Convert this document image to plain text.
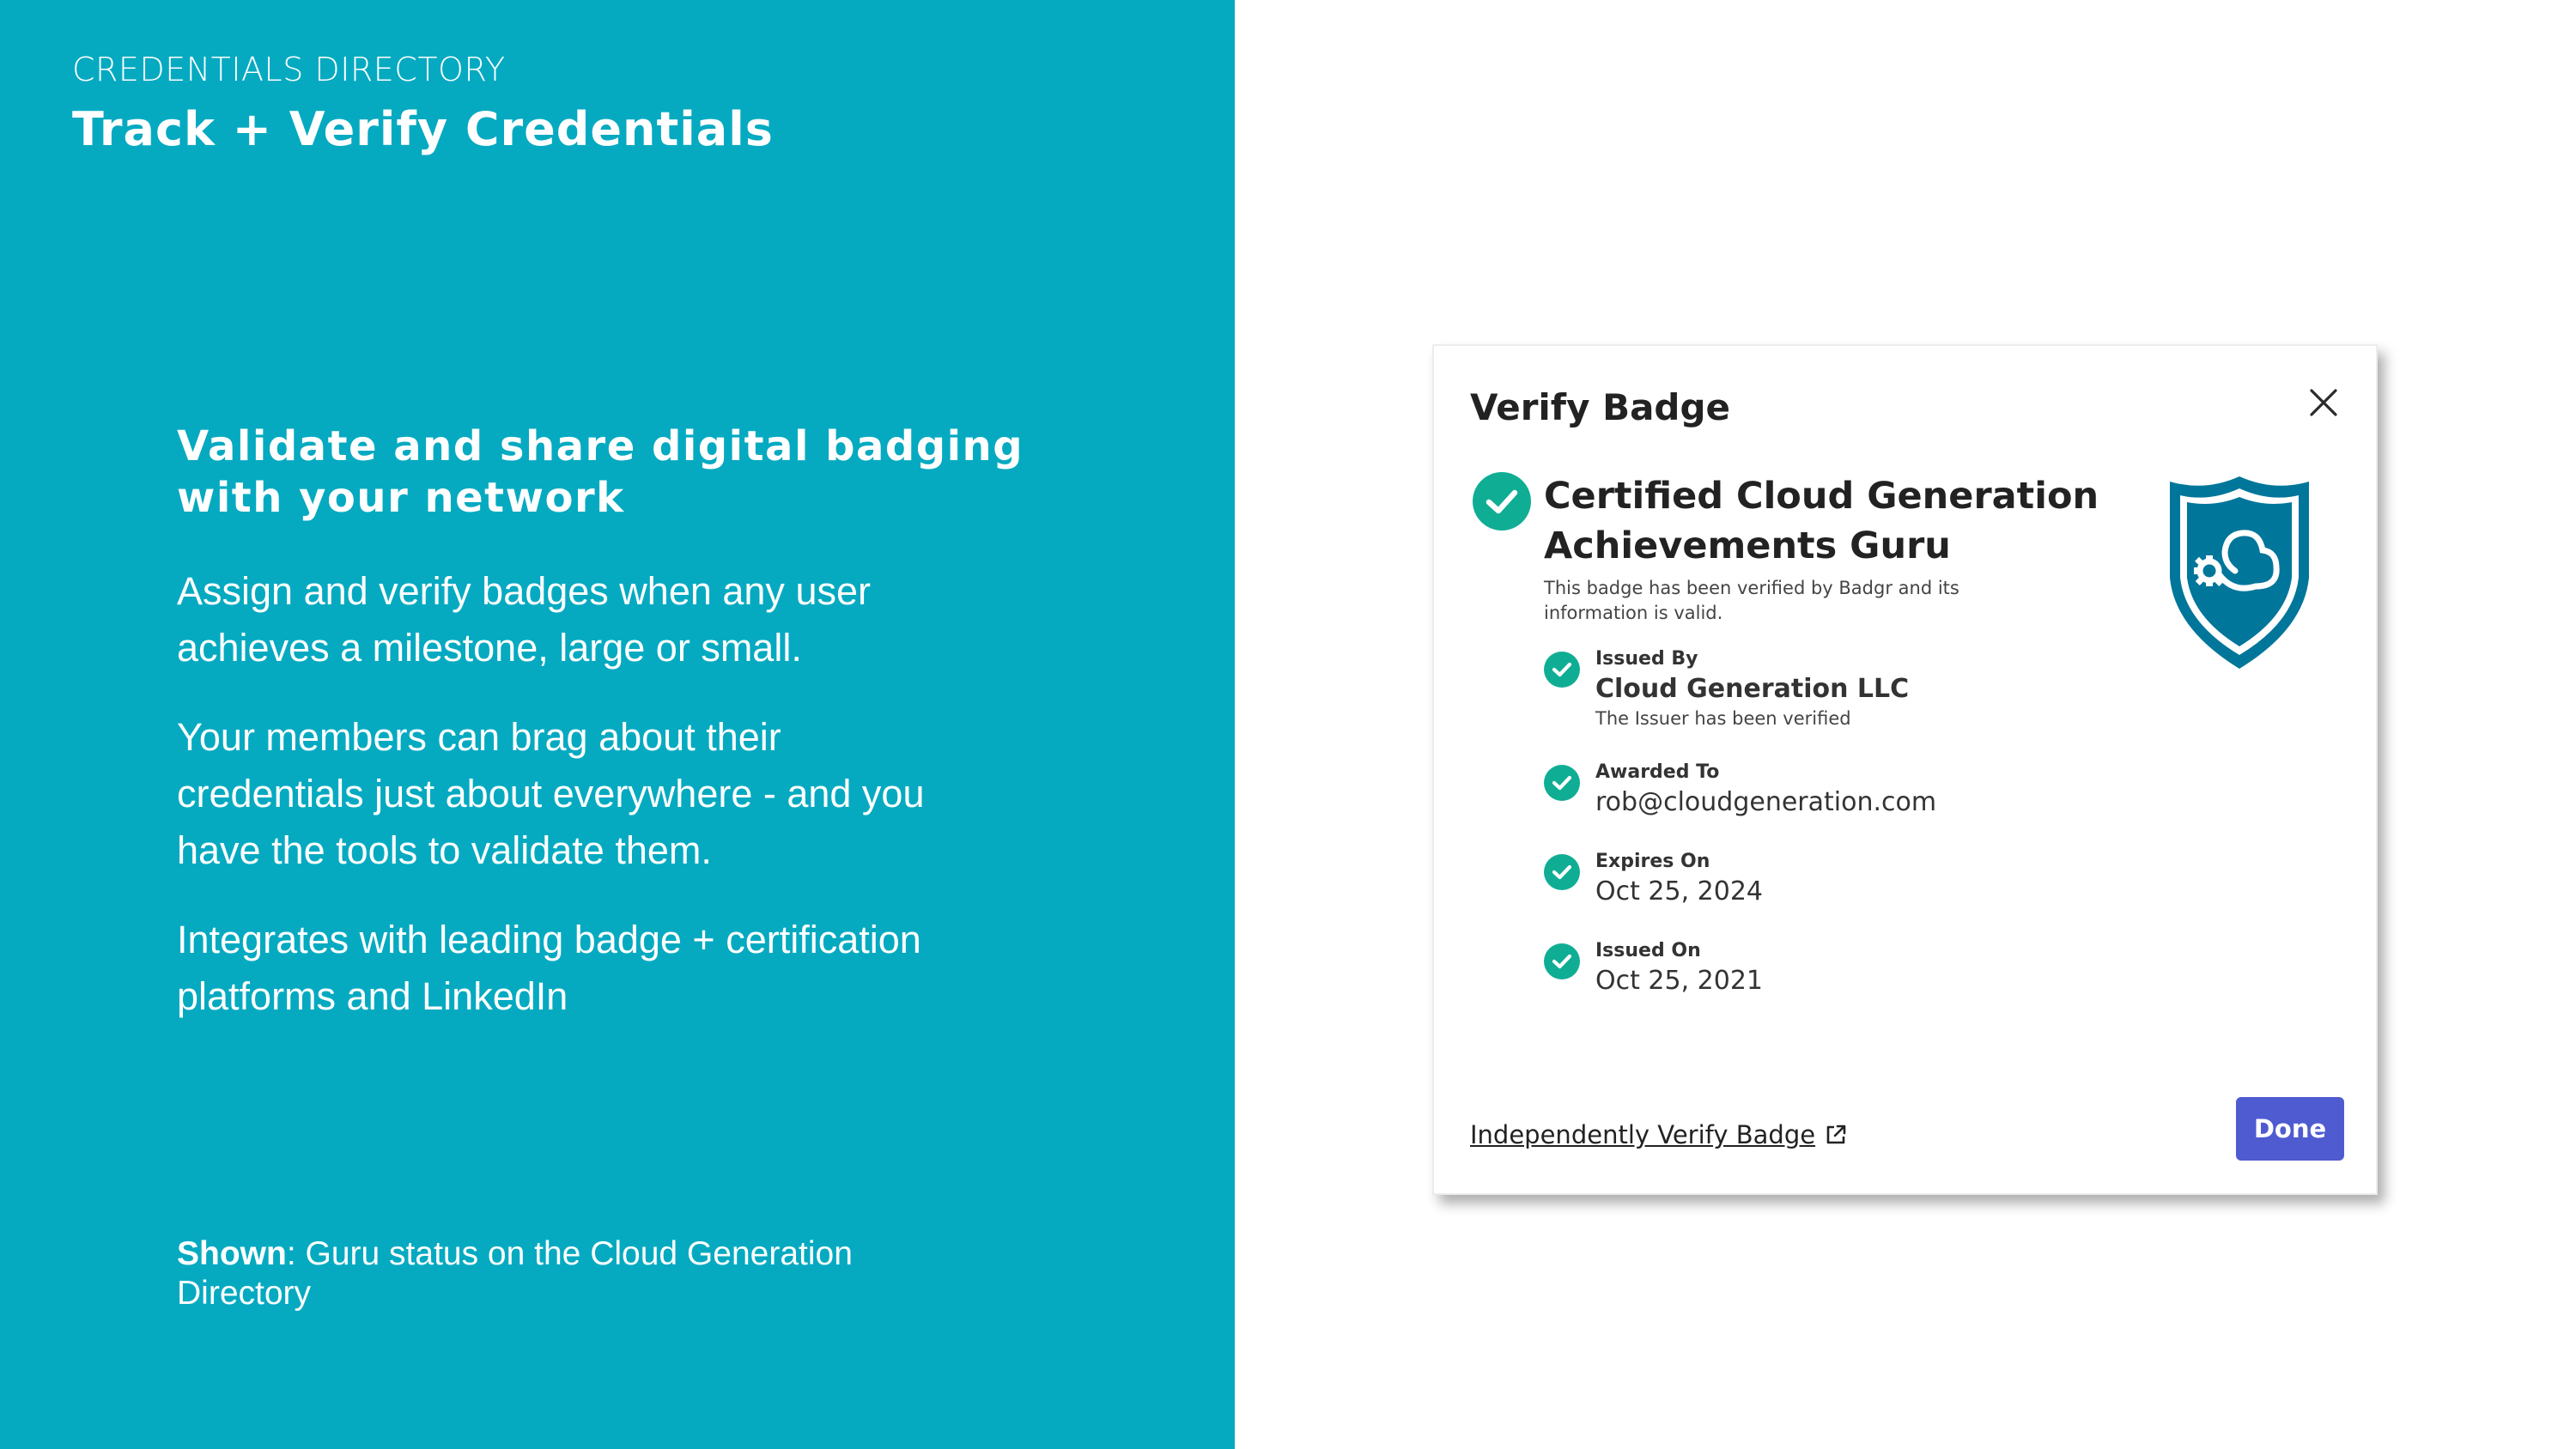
CREDENTIALS DIRECTORY
Track + Verify Credentials
Validate and share digital badging with your network

Assign and verify badges when any user achieves a milestone, large or small.

Your members can brag about their credentials just about everywhere - and you have the tools to validate them.

Integrates with leading badge + certification platforms and LinkedIn

Shown: Guru status on the Cloud Generation Directory
Verify Badge
Certified Cloud Generation Achievements Guru
This badge has been verified by Badgr and its information is valid.
Issued By
Cloud Generation LLC
The Issuer has been verified
Awarded To
rob@cloudgeneration.com
Expires On
Oct 25, 2024
Issued On
Oct 25, 2021
Independently Verify Badge	Done
